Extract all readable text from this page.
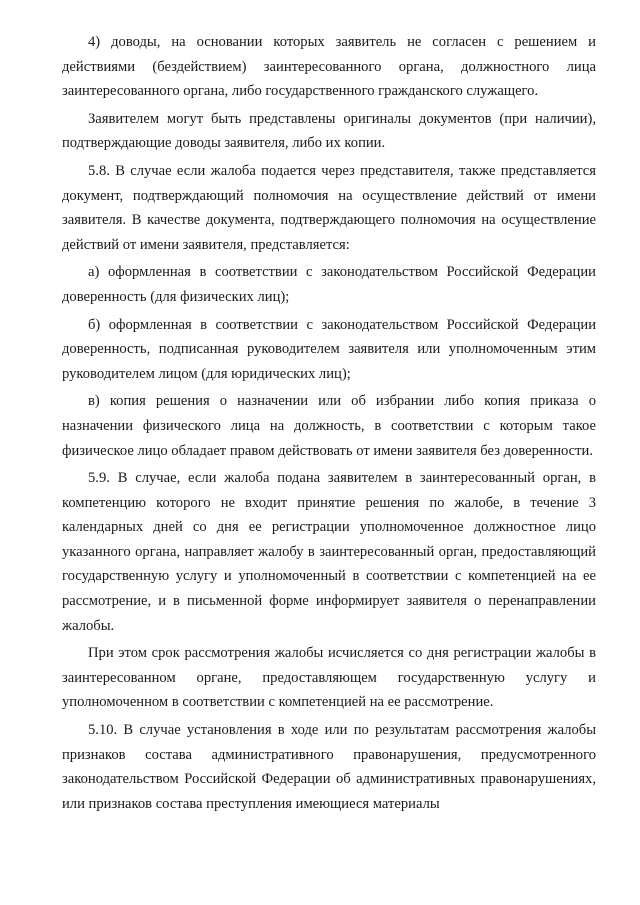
4) доводы, на основании которых заявитель не согласен с решением и действиями (бездействием) заинтересованного органа, должностного лица заинтересованного органа, либо государственного гражданского служащего.

Заявителем могут быть представлены оригиналы документов (при наличии), подтверждающие доводы заявителя, либо их копии.

5.8. В случае если жалоба подается через представителя, также представляется документ, подтверждающий полномочия на осуществление действий от имени заявителя. В качестве документа, подтверждающего полномочия на осуществление действий от имени заявителя, представляется:

а) оформленная в соответствии с законодательством Российской Федерации доверенность (для физических лиц);

б) оформленная в соответствии с законодательством Российской Федерации доверенность, подписанная руководителем заявителя или уполномоченным этим руководителем лицом (для юридических лиц);

в) копия решения о назначении или об избрании либо копия приказа о назначении физического лица на должность, в соответствии с которым такое физическое лицо обладает правом действовать от имени заявителя без доверенности.

5.9. В случае, если жалоба подана заявителем в заинтересованный орган, в компетенцию которого не входит принятие решения по жалобе, в течение 3 календарных дней со дня ее регистрации уполномоченное должностное лицо указанного органа, направляет жалобу в заинтересованный орган, предоставляющий государственную услугу и уполномоченный в соответствии с компетенцией на ее рассмотрение, и в письменной форме информирует заявителя о перенаправлении жалобы.

При этом срок рассмотрения жалобы исчисляется со дня регистрации жалобы в заинтересованном органе, предоставляющем государственную услугу и уполномоченном в соответствии с компетенцией на ее рассмотрение.

5.10. В случае установления в ходе или по результатам рассмотрения жалобы признаков состава административного правонарушения, предусмотренного законодательством Российской Федерации об административных правонарушениях, или признаков состава преступления имеющиеся материалы
